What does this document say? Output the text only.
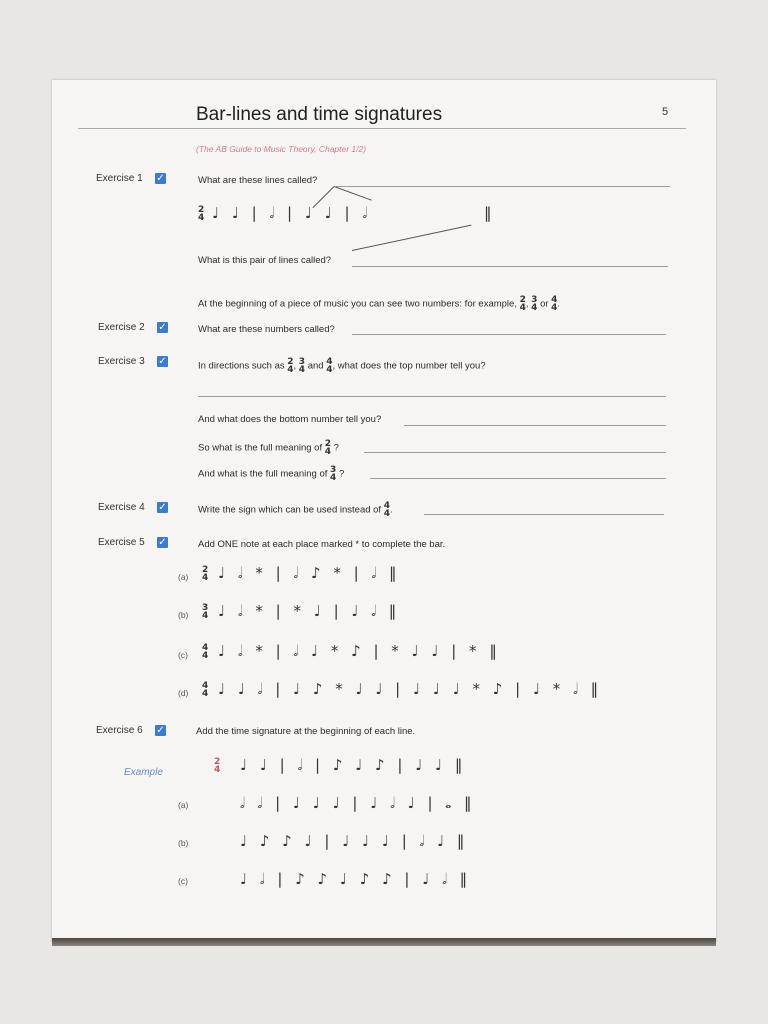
Bar-lines and time signatures	5
(The AB Guide to Music Theory, Chapter 1/2)
Exercise 1 ✓	What are these lines called?
2
4 ♩ ♩ | 𝅗𝅥 | ♩ ♩ | 𝅗𝅥	‖
What is this pair of lines called?
At the beginning of a piece of music you can see two numbers: for example, 2
4 , 3
4 or 4
4 .
Exercise 2 ✓	What are these numbers called?
Exercise 3 ✓	In directions such as 2
4 , 3
4 and 4
4 , what does the top number tell you?
And what does the bottom number tell you?
So what is the full meaning of 2
4 ?
And what is the full meaning of 3
4 ?
Exercise 4 ✓	Write the sign which can be used instead of 4
4 .
Exercise 5 ✓	Add ONE note at each place marked * to complete the bar.
(a)
2
4 ♩ 𝅗𝅥 * | 𝅗𝅥 ♪ * | 𝅗𝅥 ‖
(b)
3
4 ♩ 𝅗𝅥 * | * ♩ | ♩ 𝅗𝅥 ‖
(c)
4
4 ♩ 𝅗𝅥 * | 𝅗𝅥 ♩ * ♪ | * ♩ ♩ | * ‖
(d)
4
4 ♩ ♩ 𝅗𝅥 | ♩ ♪ * ♩ ♩ | ♩ ♩ ♩ * ♪ | ♩ * 𝅗𝅥 ‖
Exercise 6 ✓	Add the time signature at the beginning of each line.
Example
2
4 ♩ ♩ | 𝅗𝅥 | ♪ ♩ ♪ | ♩ ♩ ‖
(a)	𝅗𝅥 𝅗𝅥 | ♩ ♩ ♩ | ♩ 𝅗𝅥 ♩ | 𝅝 ‖
(b)	♩ ♪ ♪ ♩ | ♩ ♩ ♩ | 𝅗𝅥 ♩ ‖
(c)	♩ 𝅗𝅥 | ♪ ♪ ♩ ♪ ♪ | ♩ 𝅗𝅥 ‖
